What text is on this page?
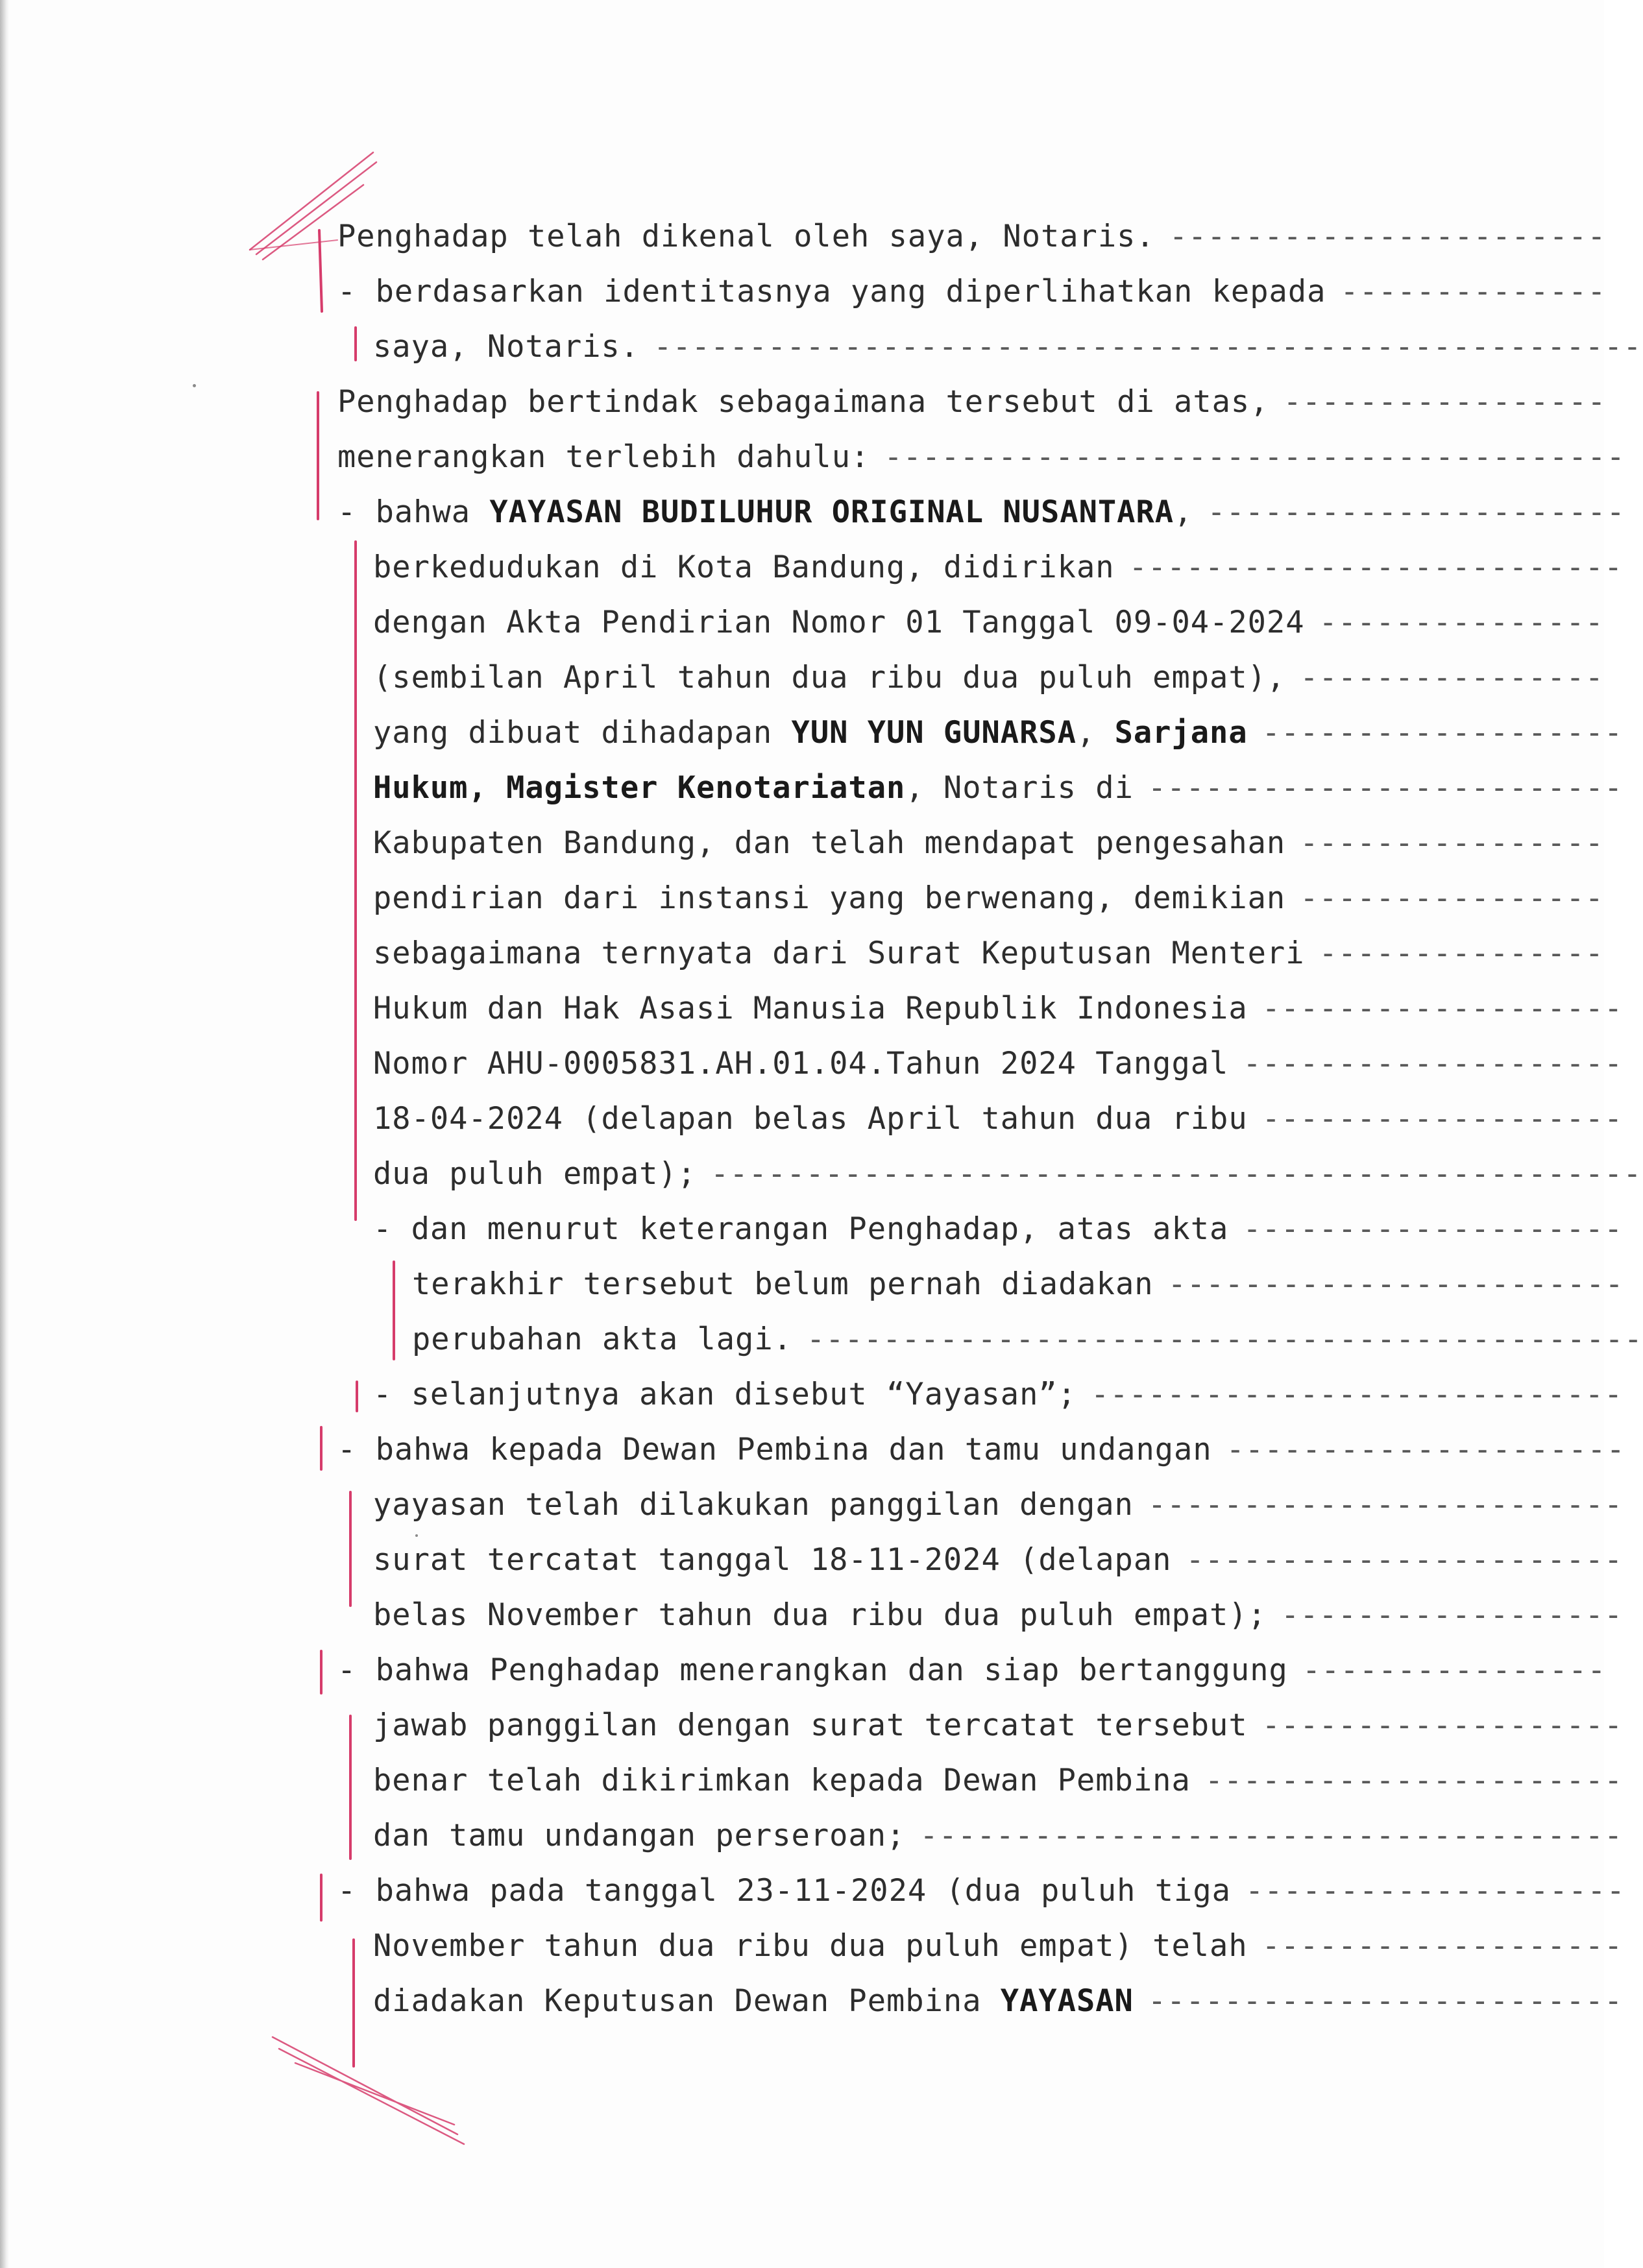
Penghadap telah dikenal oleh saya, Notaris. -----------------------
- berdasarkan identitasnya yang diperlihatkan kepada --------------
saya, Notaris. ----------------------------------------------------
Penghadap bertindak sebagaimana tersebut di atas, -----------------
menerangkan terlebih dahulu: ---------------------------------------
- bahwa YAYASAN BUDILUHUR ORIGINAL NUSANTARA, ----------------------
berkedudukan di Kota Bandung, didirikan --------------------------
dengan Akta Pendirian Nomor 01 Tanggal 09-04-2024 ---------------
(sembilan April tahun dua ribu dua puluh empat), ----------------
yang dibuat dihadapan YUN YUN GUNARSA, Sarjana -------------------
Hukum, Magister Kenotariatan, Notaris di -------------------------
Kabupaten Bandung, dan telah mendapat pengesahan ----------------
pendirian dari instansi yang berwenang, demikian ----------------
sebagaimana ternyata dari Surat Keputusan Menteri ---------------
Hukum dan Hak Asasi Manusia Republik Indonesia -------------------
Nomor AHU-0005831.AH.01.04.Tahun 2024 Tanggal --------------------
18-04-2024 (delapan belas April tahun dua ribu -------------------
dua puluh empat); -------------------------------------------------
- dan menurut keterangan Penghadap, atas akta --------------------
terakhir tersebut belum pernah diadakan ------------------------
perubahan akta lagi. --------------------------------------------
- selanjutnya akan disebut “Yayasan”; ----------------------------
- bahwa kepada Dewan Pembina dan tamu undangan ---------------------
yayasan telah dilakukan panggilan dengan -------------------------
surat tercatat tanggal 18-11-2024 (delapan -----------------------
belas November tahun dua ribu dua puluh empat); ------------------
- bahwa Penghadap menerangkan dan siap bertanggung ----------------
jawab panggilan dengan surat tercatat tersebut -------------------
benar telah dikirimkan kepada Dewan Pembina ----------------------
dan tamu undangan perseroan; -------------------------------------
- bahwa pada tanggal 23-11-2024 (dua puluh tiga --------------------
November tahun dua ribu dua puluh empat) telah -------------------
diadakan Keputusan Dewan Pembina YAYASAN -------------------------
